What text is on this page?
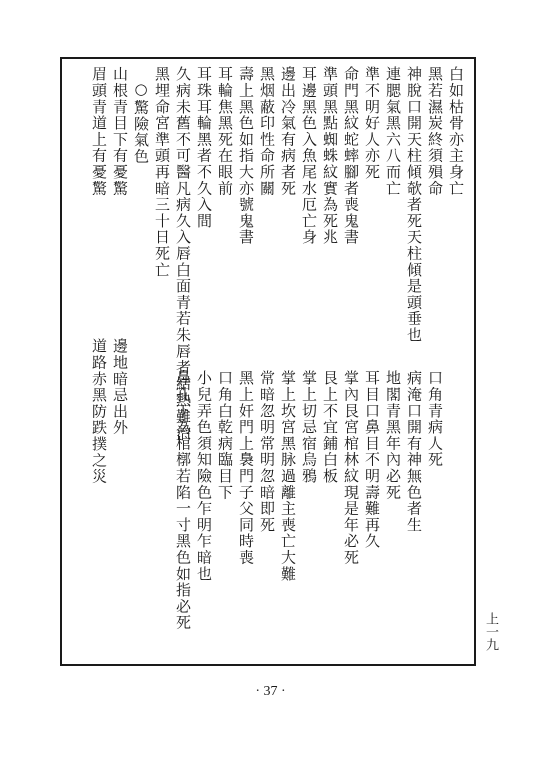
白如枯骨亦主身亡
黑若濕炭終須殞命
神脫口開天柱傾欹者死天柱傾是頭垂也
連腮氣黑六八而亡
準不明好人亦死
命門黑紋蛇蟀腳者喪鬼書
準頭黑點蜘蛛紋實為死兆
耳邊黑色入魚尾水厄亡身
邊出冷氣有病者死
黑烟蔽印性命所關
壽上黑色如指大亦號鬼書
耳輪焦黑死在眼前
耳珠耳輪黑者不久入間
久病未舊不可醫凡病久入唇白面青若朱唇者結熱難治
黑埋命宮準頭再暗三十日死亡
○驚險氣色
山根青目下有憂驚
眉頭青道上有憂驚
口角青病人死
病淹口開有神無色者生
地閣青黑年內必死
耳目口鼻目不明壽難再久
掌內艮宮棺林紋現是年必死
艮上不宜鋪白板
掌上切忌宿烏鴉
掌上坎宮黑脉過離主喪亡大難
常暗忽明常明忽暗即死
黑上奸門上裊門子父同時喪
口角白乾病臨目下
小兒弄色須知險色乍明乍暗也
鼻孔下為棺槨若陷一寸黑色如指必死
邊地暗忌出外
道路赤黑防跌撲之災
上一九
· 37 ·
